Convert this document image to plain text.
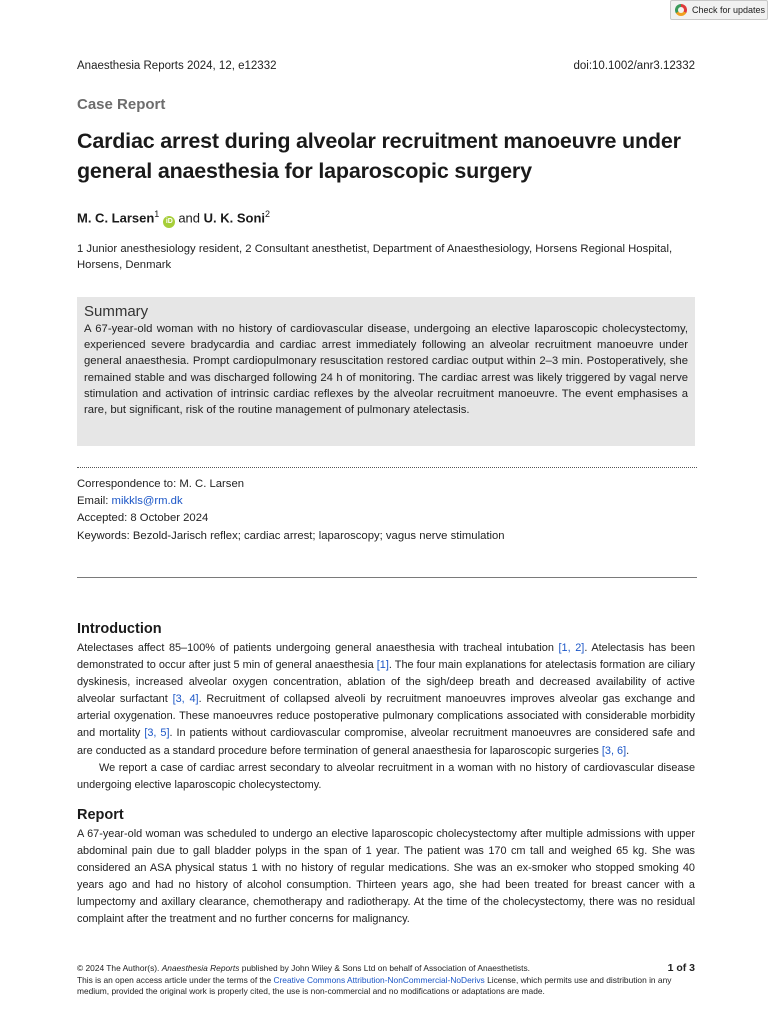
Check for updates
Anaesthesia Reports 2024, 12, e12332	doi:10.1002/anr3.12332
Case Report
Cardiac arrest during alveolar recruitment manoeuvre under general anaesthesia for laparoscopic surgery
M. C. Larsen$^1$iD and U. K. Soni$^2$
1 Junior anesthesiology resident, 2 Consultant anesthetist, Department of Anaesthesiology, Horsens Regional Hospital, Horsens, Denmark
Summary

A 67-year-old woman with no history of cardiovascular disease, undergoing an elective laparoscopic cholecystectomy, experienced severe bradycardia and cardiac arrest immediately following an alveolar recruitment manoeuvre under general anaesthesia. Prompt cardiopulmonary resuscitation restored cardiac output within 2–3 min. Postoperatively, she remained stable and was discharged following 24 h of monitoring. The cardiac arrest was likely triggered by vagal nerve stimulation and activation of intrinsic cardiac reflexes by the alveolar recruitment manoeuvre. The event emphasises a rare, but significant, risk of the routine management of pulmonary atelectasis.

Correspondence to: M. C. Larsen
Email: mikkls@rm.dk
Accepted: 8 October 2024
Keywords: Bezold-Jarisch reflex; cardiac arrest; laparoscopy; vagus nerve stimulation
Introduction

Atelectases affect 85–100% of patients undergoing general anaesthesia with tracheal intubation [1, 2]. Atelectasis has been demonstrated to occur after just 5 min of general anaesthesia [1]. The four main explanations for atelectasis formation are ciliary dyskinesis, increased alveolar oxygen concentration, ablation of the sigh/deep breath and decreased availability of active alveolar surfactant [3, 4]. Recruitment of collapsed alveoli by recruitment manoeuvres improves alveolar gas exchange and arterial oxygenation. These manoeuvres reduce postoperative pulmonary complications associated with considerable morbidity and mortality [3, 5]. In patients without cardiovascular compromise, alveolar recruitment manoeuvres are considered safe and are conducted as a standard procedure before termination of general anaesthesia for laparoscopic surgeries [3, 6].

We report a case of cardiac arrest secondary to alveolar recruitment in a woman with no history of cardiovascular disease undergoing elective laparoscopic cholecystectomy.

Report

A 67-year-old woman was scheduled to undergo an elective laparoscopic cholecystectomy after multiple admissions with upper abdominal pain due to gall bladder polyps in the span of 1 year. The patient was 170 cm tall and weighed 65 kg. She was considered an ASA physical status 1 with no history of regular medications. She was an ex-smoker who stopped smoking 40 years ago and had no history of alcohol consumption. Thirteen years ago, she had been treated for breast cancer with a lumpectomy and axillary clearance, chemotherapy and radiotherapy. At the time of the cholecystectomy, there was no residual complaint after the treatment and no further concerns for malignancy.

© 2024 The Author(s). Anaesthesia Reports published by John Wiley & Sons Ltd on behalf of Association of Anaesthetists.	1 of 3
This is an open access article under the terms of the Creative Commons Attribution-NonCommercial-NoDerivs License, which permits use and distribution in any medium, provided the original work is properly cited, the use is non-commercial and no modifications or adaptations are made.
